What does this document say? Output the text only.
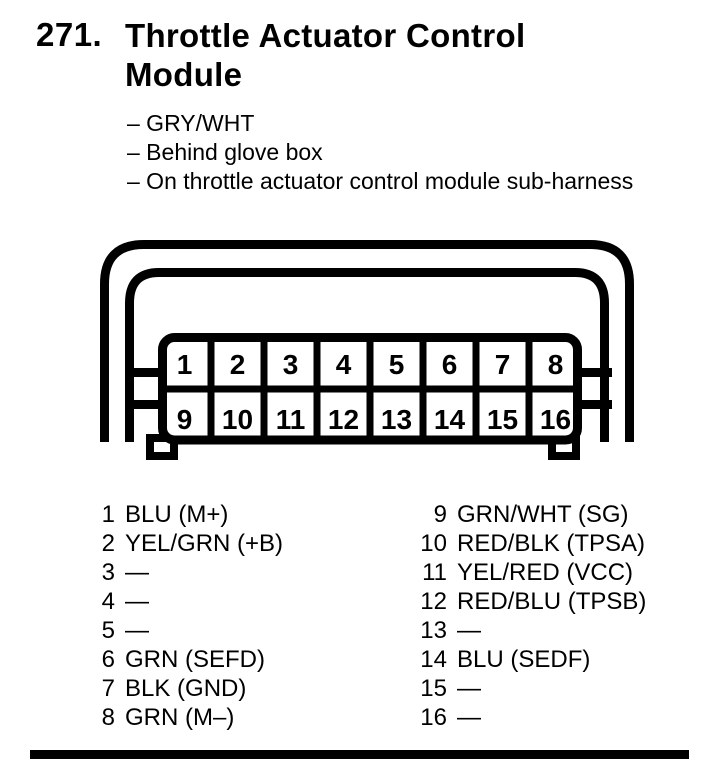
271. Throttle Actuator Control Module
– GRY/WHT
– Behind glove box
– On throttle actuator control module sub-harness
1 2 3 4 5 6 7 8
9 10 11 12 13 14 15 16
1 BLU (M+)
2 YEL/GRN (+B)
3 —
4 —
5 —
6 GRN (SEFD)
7 BLK (GND)
8 GRN (M–)
9 GRN/WHT (SG)
10 RED/BLK (TPSA)
11 YEL/RED (VCC)
12 RED/BLU (TPSB)
13 —
14 BLU (SEDF)
15 —
16 —
